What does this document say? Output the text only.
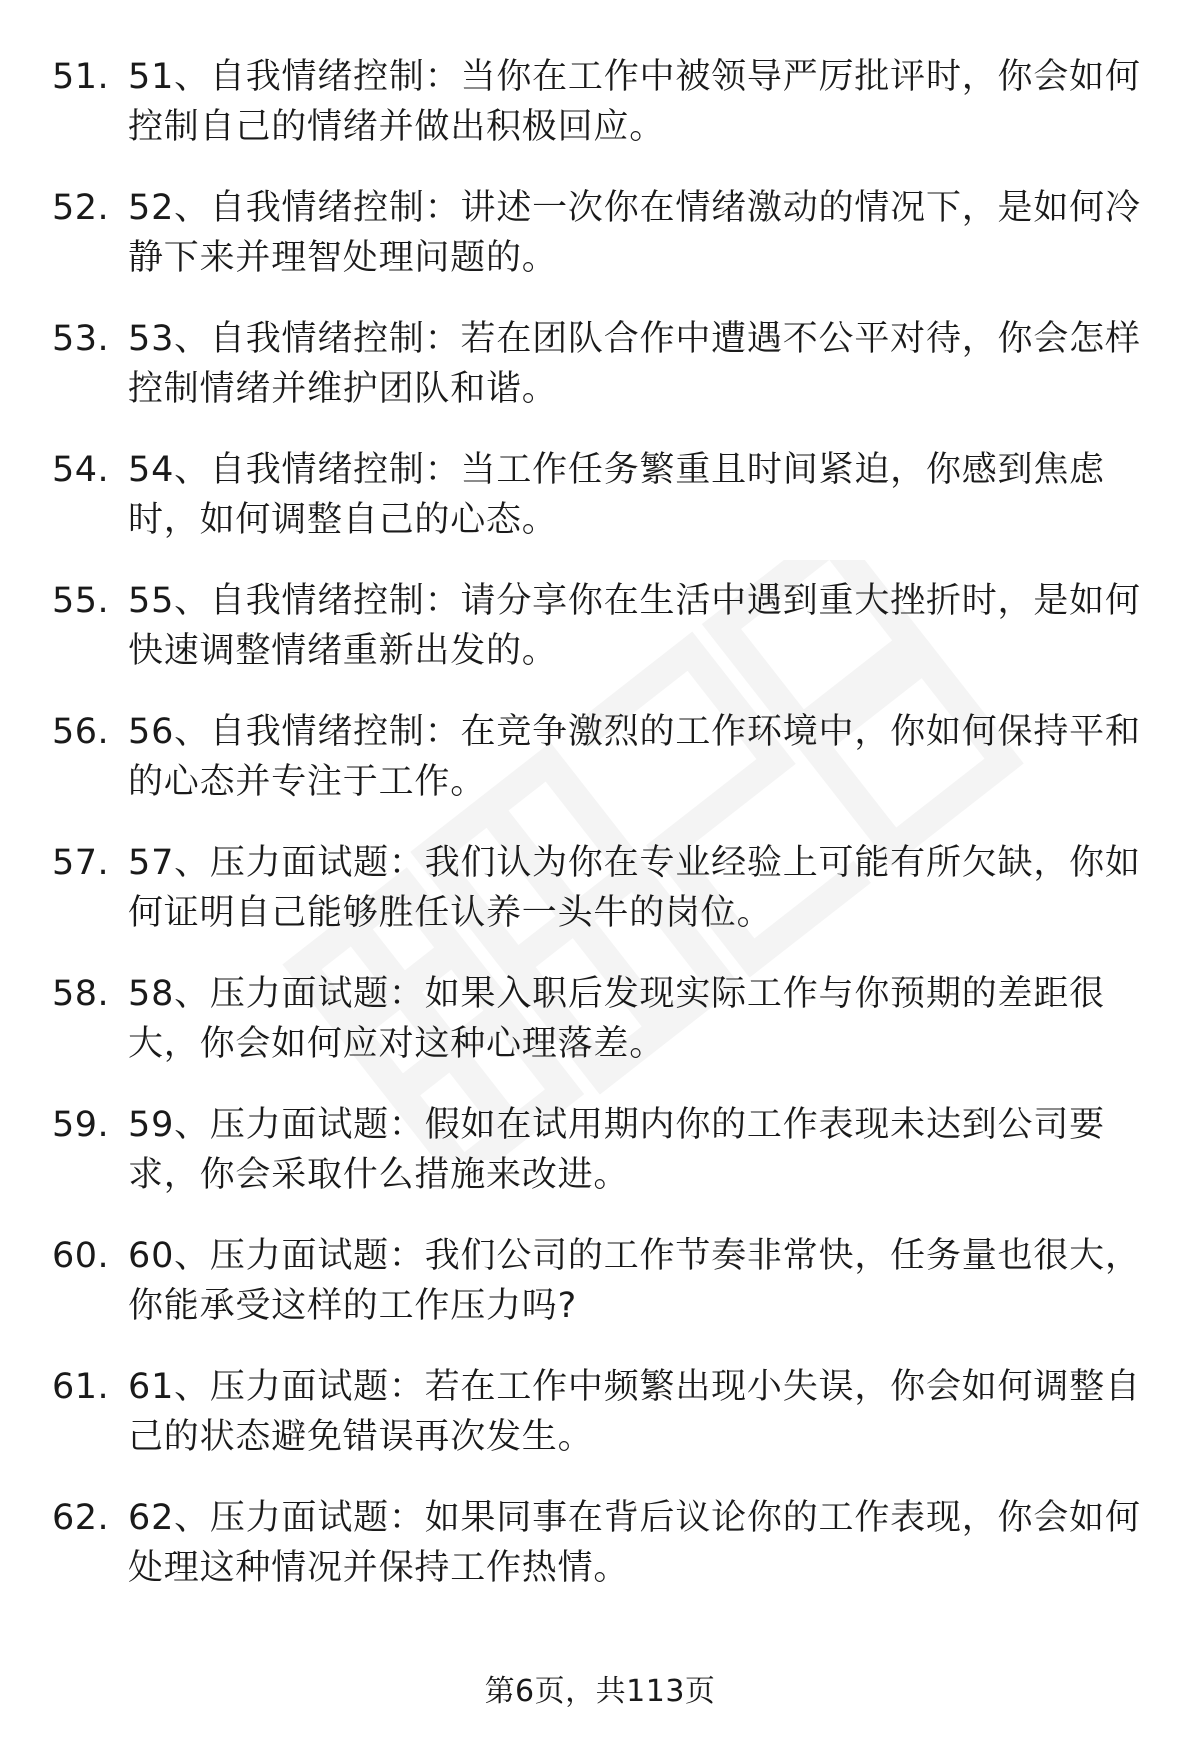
51. 51、自我情绪控制：当你在工作中被领导严厉批评时，你会如何
控制自己的情绪并做出积极回应。
52. 52、自我情绪控制：讲述一次你在情绪激动的情况下，是如何冷
静下来并理智处理问题的。
53. 53、自我情绪控制：若在团队合作中遭遇不公平对待，你会怎样
控制情绪并维护团队和谐。
54. 54、自我情绪控制：当工作任务繁重且时间紧迫，你感到焦虑
时，如何调整自己的心态。
55. 55、自我情绪控制：请分享你在生活中遇到重大挫折时，是如何
快速调整情绪重新出发的。
56. 56、自我情绪控制：在竞争激烈的工作环境中，你如何保持平和
的心态并专注于工作。
57. 57、压力面试题：我们认为你在专业经验上可能有所欠缺，你如
何证明自己能够胜任认养一头牛的岗位。
58. 58、压力面试题：如果入职后发现实际工作与你预期的差距很
大，你会如何应对这种心理落差。
59. 59、压力面试题：假如在试用期内你的工作表现未达到公司要
求，你会采取什么措施来改进。
60. 60、压力面试题：我们公司的工作节奏非常快，任务量也很大，
你能承受这样的工作压力吗?
61. 61、压力面试题：若在工作中频繁出现小失误，你会如何调整自
己的状态避免错误再次发生。
62. 62、压力面试题：如果同事在背后议论你的工作表现，你会如何
处理这种情况并保持工作热情。
第6页，共113页
